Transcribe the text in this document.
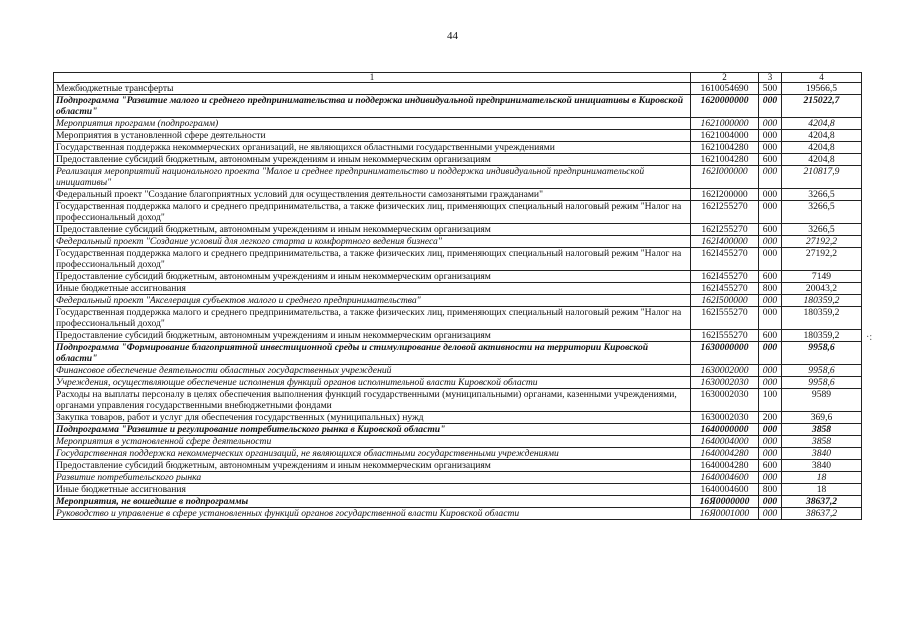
44
1	2	3	4
Межбюджетные трансферты	1610054690	500	19566,5
Подпрограмма "Развитие малого и среднего предпринимательства и поддержка индивидуальной предпринимательской инициативы в Кировской области"	1620000000	000	215022,7
Мероприятия программ (подпрограмм)	1621000000	000	4204,8
Мероприятия в установленной сфере деятельности	1621004000	000	4204,8
Государственная поддержка некоммерческих организаций, не являющихся областными государственными учреждениями	1621004280	000	4204,8
Предоставление субсидий бюджетным, автономным учреждениям и иным некоммерческим организациям	1621004280	600	4204,8
Реализация мероприятий национального проекта "Малое и среднее предпринимательство и поддержка индивидуальной предпринимательской инициативы"	162I000000	000	210817,9
Федеральный проект "Создание благоприятных условий для осуществления деятельности самозанятыми гражданами"	162I200000	000	3266,5
Государственная поддержка малого и среднего предпринимательства, а также физических лиц, применяющих специальный налоговый режим "Налог на профессиональный доход"	162I255270	000	3266,5
Предоставление субсидий бюджетным, автономным учреждениям и иным некоммерческим организациям	162I255270	600	3266,5
Федеральный проект "Создание условий для легкого старта и комфортного ведения бизнеса"	162I400000	000	27192,2
Государственная поддержка малого и среднего предпринимательства, а также физических лиц, применяющих специальный налоговый режим "Налог на профессиональный доход"	162I455270	000	27192,2
Предоставление субсидий бюджетным, автономным учреждениям и иным некоммерческим организациям	162I455270	600	7149
Иные бюджетные ассигнования	162I455270	800	20043,2
Федеральный проект "Акселерация субъектов малого и среднего предпринимательства"	162I500000	000	180359,2
Государственная поддержка малого и среднего предпринимательства, а также физических лиц, применяющих специальный налоговый режим "Налог на профессиональный доход"	162I555270	000	180359,2
Предоставление субсидий бюджетным, автономным учреждениям и иным некоммерческим организациям	162I555270	600	180359,2
Подпрограмма "Формирование благоприятной инвестиционной среды и стимулирование деловой активности на территории Кировской области"	1630000000	000	9958,6
Финансовое обеспечение деятельности областных государственных учреждений	1630002000	000	9958,6
Учреждения, осуществляющие обеспечение исполнения функций органов исполнительной власти Кировской области	1630002030	000	9958,6
Расходы на выплаты персоналу в целях обеспечения выполнения функций государственными (муниципальными) органами, казенными учреждениями, органами управления государственными внебюджетными фондами	1630002030	100	9589
Закупка товаров, работ и услуг для обеспечения государственных (муниципальных) нужд	1630002030	200	369,6
Подпрограмма "Развитие и регулирование потребительского рынка в Кировской области"	1640000000	000	3858
Мероприятия в установленной сфере деятельности	1640004000	000	3858
Государственная поддержка некоммерческих организаций, не являющихся областными государственными учреждениями	1640004280	000	3840
Предоставление субсидий бюджетным, автономным учреждениям и иным некоммерческим организациям	1640004280	600	3840
Развитие потребительского рынка	1640004600	000	18
Иные бюджетные ассигнования	1640004600	800	18
Мероприятия, не вошедшие в подпрограммы	16Я0000000	000	38637,2
Руководство и управление в сфере установленных функций органов государственной власти Кировской области	16Я0001000	000	38637,2
·:
